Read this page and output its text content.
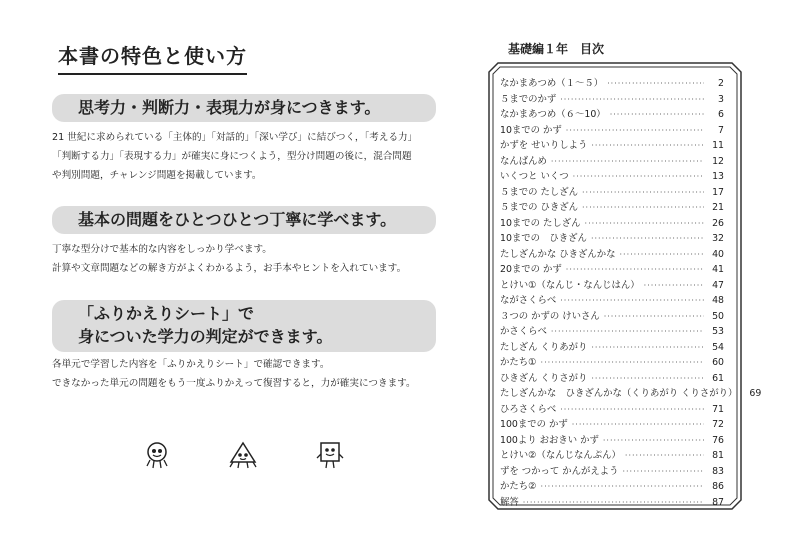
本書の特色と使い方
思考力・判断力・表現力が身につきます。
21 世紀に求められている「主体的」「対話的」「深い学び」に結びつく，「考える力」
「判断する力」「表現する力」が確実に身につくよう，型分け問題の後に，混合問題
や判別問題，チャレンジ問題を掲載しています。
基本の問題をひとつひとつ丁寧に学べます。
丁寧な型分けで基本的な内容をしっかり学べます。
計算や文章問題などの解き方がよくわかるよう，お手本やヒントを入れています。
「ふりかえりシート」で
身についた学力の判定ができます。
各単元で学習した内容を「ふりかえりシート」で確認できます。
できなかった単元の問題をもう一度ふりかえって復習すると，力が確実につきます。
基礎編１年　目次
なかまあつめ（１～５） ·····	2
５までのかず ·····	3
なかまあつめ（６～10） ·····	6
10までの かず ·····	7
かずを せいりしよう ·····	11
なんばんめ ·····	12
いくつと いくつ ·····	13
５までの たしざん ·····	17
５までの ひきざん ·····	21
10までの たしざん ·····	26
10までの　ひきざん ·····	32
たしざんかな ひきざんかな ·····	40
20までの かず ·····	41
とけい①（なんじ・なんじはん） ·····	47
ながさくらべ ·····	48
３つの かずの けいさん ·····	50
かさくらべ ·····	53
たしざん くりあがり ·····	54
かたち① ·····	60
ひきざん くりさがり ·····	61
たしざんかな　ひきざんかな（くりあがり くりさがり）	69
ひろさくらべ ·····	71
100までの かず ·····	72
100より おおきい かず ·····	76
とけい②（なんじなんぷん） ·····	81
ずを つかって かんがえよう ·····	83
かたち② ·····	86
解答 ·····	87
